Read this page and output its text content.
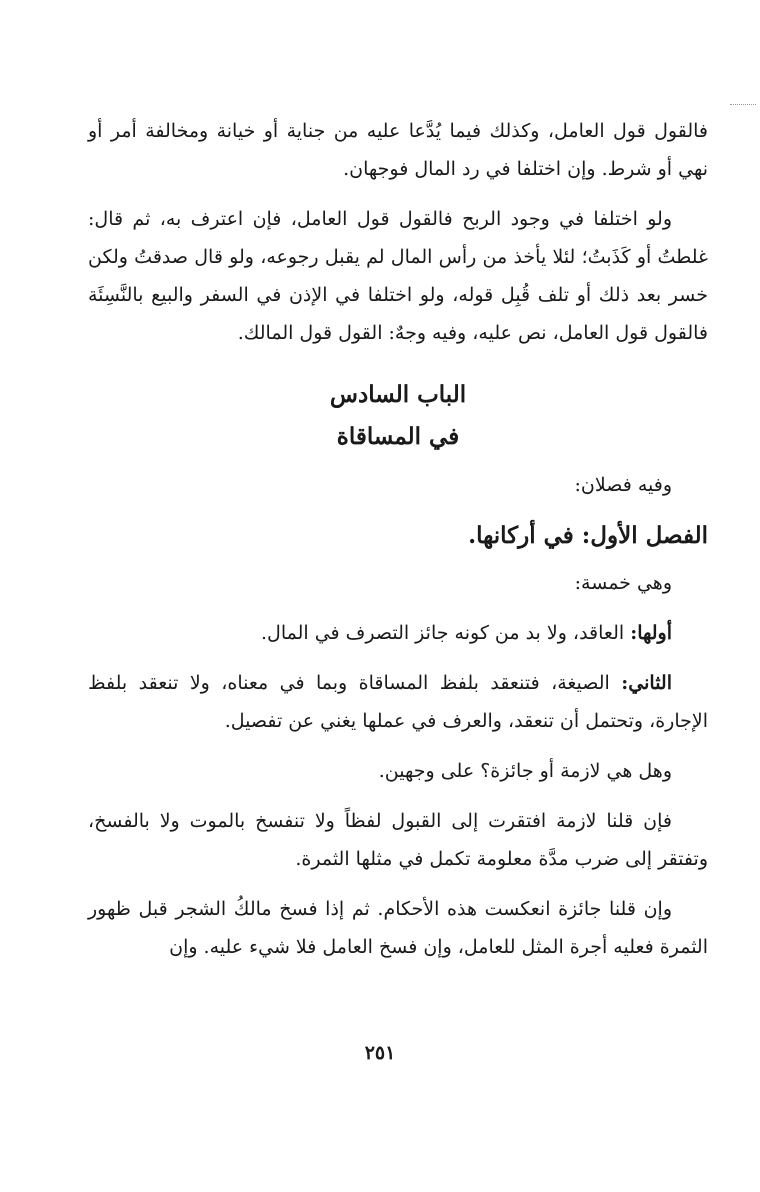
فالقول قول العامل، وكذلك فيما يُدَّعا عليه من جناية أو خيانة ومخالفة أمر أو نهي أو شرط. وإن اختلفا في رد المال فوجهان.

ولو اختلفا في وجود الربح فالقول قول العامل، فإن اعترف به، ثم قال: غلطتُ أو كَذَبتُ؛ لئلا يأخذ من رأس المال لم يقبل رجوعه، ولو قال صدقتُ ولكن خسر بعد ذلك أو تلف قُبِل قوله، ولو اختلفا في الإذن في السفر والبيع بالنَّسِئَة فالقول قول العامل، نص عليه، وفيه وجهٌ: القول قول المالك.

الباب السادس
في المساقاة

وفيه فصلان:

الفصل الأول: في أركانها.

وهي خمسة:

أولها: العاقد، ولا بد من كونه جائز التصرف في المال.

الثاني: الصيغة، فتنعقد بلفظ المساقاة وبما في معناه، ولا تنعقد بلفظ الإجارة، وتحتمل أن تنعقد، والعرف في عملها يغني عن تفصيل.

وهل هي لازمة أو جائزة؟ على وجهين.

فإن قلنا لازمة افتقرت إلى القبول لفظاً ولا تنفسخ بالموت ولا بالفسخ، وتفتقر إلى ضرب مدَّة معلومة تكمل في مثلها الثمرة.

وإن قلنا جائزة انعكست هذه الأحكام. ثم إذا فسخ مالكُ الشجر قبل ظهور الثمرة فعليه أجرة المثل للعامل، وإن فسخ العامل فلا شيء عليه. وإن

٢٥١
